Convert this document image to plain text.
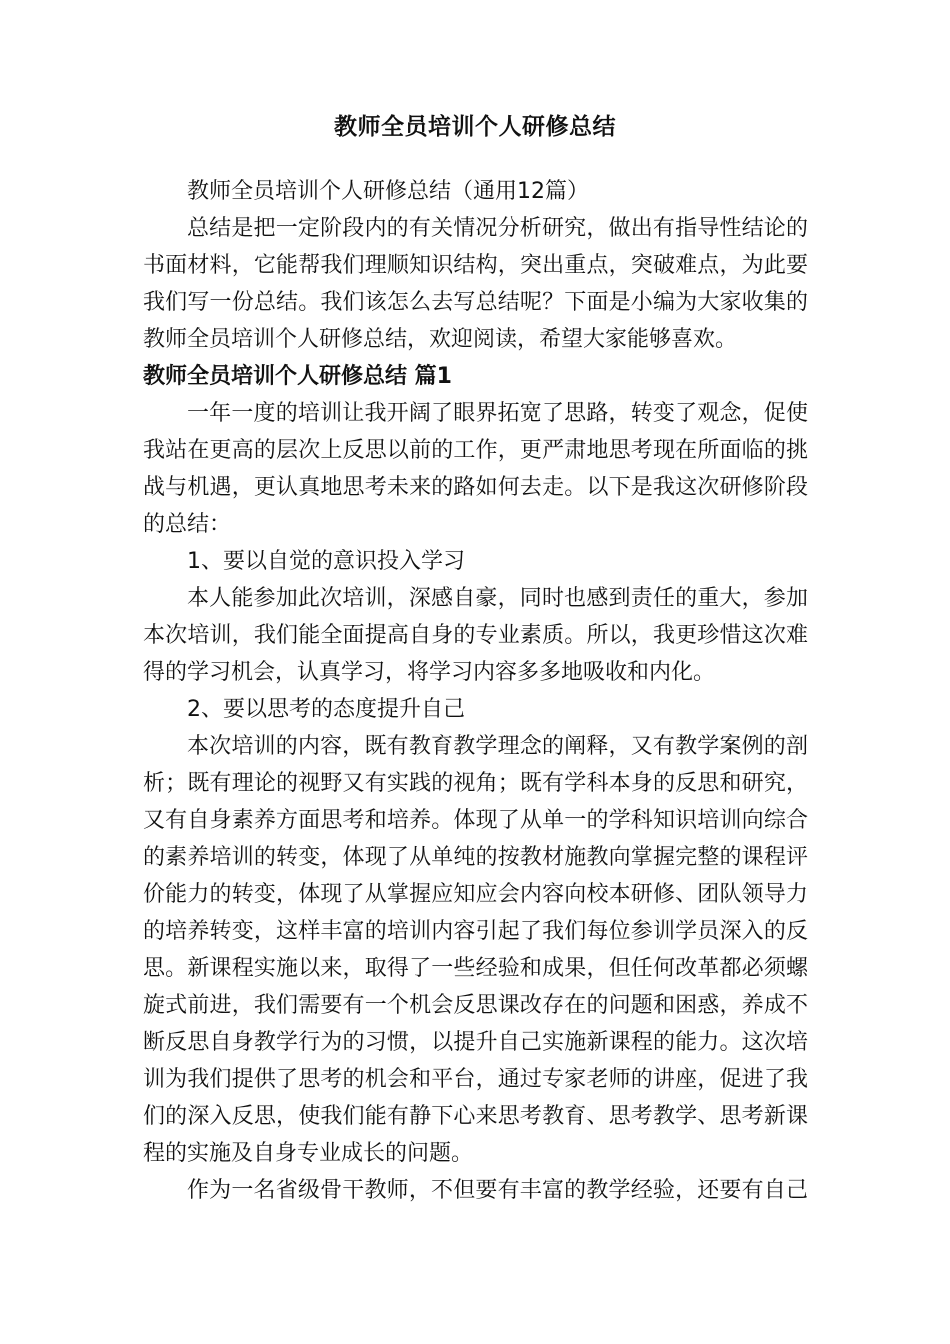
教师全员培训个人研修总结
教师全员培训个人研修总结（通用12篇）
总结是把一定阶段内的有关情况分析研究，做出有指导性结论的
书面材料，它能帮我们理顺知识结构，突出重点，突破难点，为此要
我们写一份总结。我们该怎么去写总结呢？下面是小编为大家收集的
教师全员培训个人研修总结，欢迎阅读，希望大家能够喜欢。
教师全员培训个人研修总结 篇1
一年一度的培训让我开阔了眼界拓宽了思路，转变了观念，促使
我站在更高的层次上反思以前的工作，更严肃地思考现在所面临的挑
战与机遇，更认真地思考未来的路如何去走。以下是我这次研修阶段
的总结：
1、要以自觉的意识投入学习
本人能参加此次培训，深感自豪，同时也感到责任的重大，参加
本次培训，我们能全面提高自身的专业素质。所以，我更珍惜这次难
得的学习机会，认真学习，将学习内容多多地吸收和内化。
2、要以思考的态度提升自己
本次培训的内容，既有教育教学理念的阐释，又有教学案例的剖
析；既有理论的视野又有实践的视角；既有学科本身的反思和研究，
又有自身素养方面思考和培养。体现了从单一的学科知识培训向综合
的素养培训的转变，体现了从单纯的按教材施教向掌握完整的课程评
价能力的转变，体现了从掌握应知应会内容向校本研修、团队领导力
的培养转变，这样丰富的培训内容引起了我们每位参训学员深入的反
思。新课程实施以来，取得了一些经验和成果，但任何改革都必须螺
旋式前进，我们需要有一个机会反思课改存在的问题和困惑，养成不
断反思自身教学行为的习惯，以提升自己实施新课程的能力。这次培
训为我们提供了思考的机会和平台，通过专家老师的讲座，促进了我
们的深入反思，使我们能有静下心来思考教育、思考教学、思考新课
程的实施及自身专业成长的问题。
作为一名省级骨干教师，不但要有丰富的教学经验，还要有自己
